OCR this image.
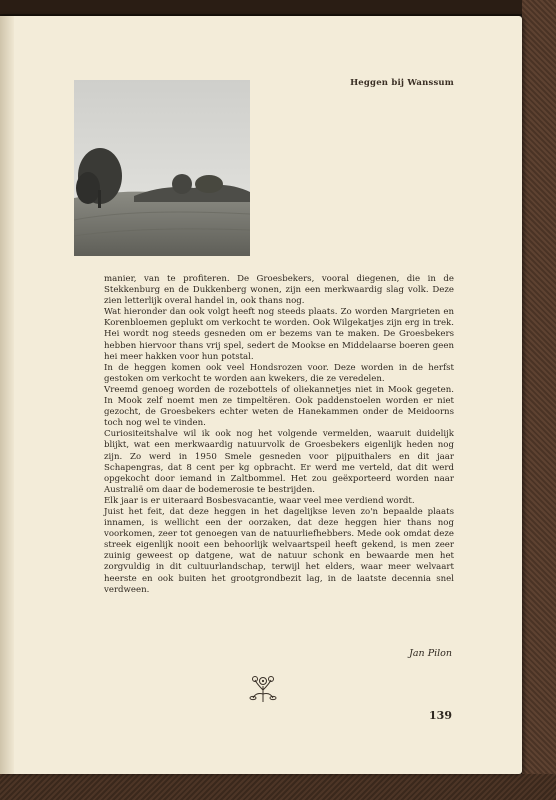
Heggen bij Wanssum

manier, van te profiteren. De Groesbekers, vooral diegenen, die in de Stekkenburg en de Dukkenberg wonen, zijn een merkwaardig slag volk. Deze zien letterlijk overal handel in, ook thans nog.

Wat hieronder dan ook volgt heeft nog steeds plaats. Zo worden Margrieten en Korenbloemen geplukt om verkocht te worden. Ook Wilgekatjes zijn erg in trek. Hei wordt nog steeds gesneden om er bezems van te maken. De Groesbekers hebben hiervoor thans vrij spel, sedert de Mookse en Middelaarse boeren geen hei meer hakken voor hun potstal.

In de heggen komen ook veel Hondsrozen voor. Deze worden in de herfst gestoken om verkocht te worden aan kwekers, die ze veredelen.

Vreemd genoeg worden de rozebottels of oliekannetjes niet in Mook gegeten. In Mook zelf noemt men ze timpeltëren. Ook paddenstoelen worden er niet gezocht, de Groesbekers echter weten de Hanekammen onder de Meidoorns toch nog wel te vinden.

Curiositeitshalve wil ik ook nog het volgende vermelden, waaruit duidelijk blijkt, wat een merkwaardig natuurvolk de Groesbekers eigenlijk heden nog zijn. Zo werd in 1950 Smele gesneden voor pijpuithalers en dit jaar Schapengras, dat 8 cent per kg opbracht. Er werd me verteld, dat dit werd opgekocht door iemand in Zaltbommel. Het zou geëxporteerd worden naar Australië om daar de bodemerosie te bestrijden.

Elk jaar is er uiteraard Bosbesvacantie, waar veel mee verdiend wordt.

Juist het feit, dat deze heggen in het dagelijkse leven zo'n bepaalde plaats innamen, is wellicht een der oorzaken, dat deze heggen hier thans nog voorkomen, zeer tot genoegen van de natuurliefhebbers. Mede ook omdat deze streek eigenlijk nooit een behoorlijk welvaartspeil heeft gekend, is men zeer zuinig geweest op datgene, wat de natuur schonk en bewaarde men het zorgvuldig in dit cultuurlandschap, terwijl het elders, waar meer welvaart heerste en ook buiten het grootgrondbezit lag, in de laatste decennia snel verdween.

Jan Pilon
139
